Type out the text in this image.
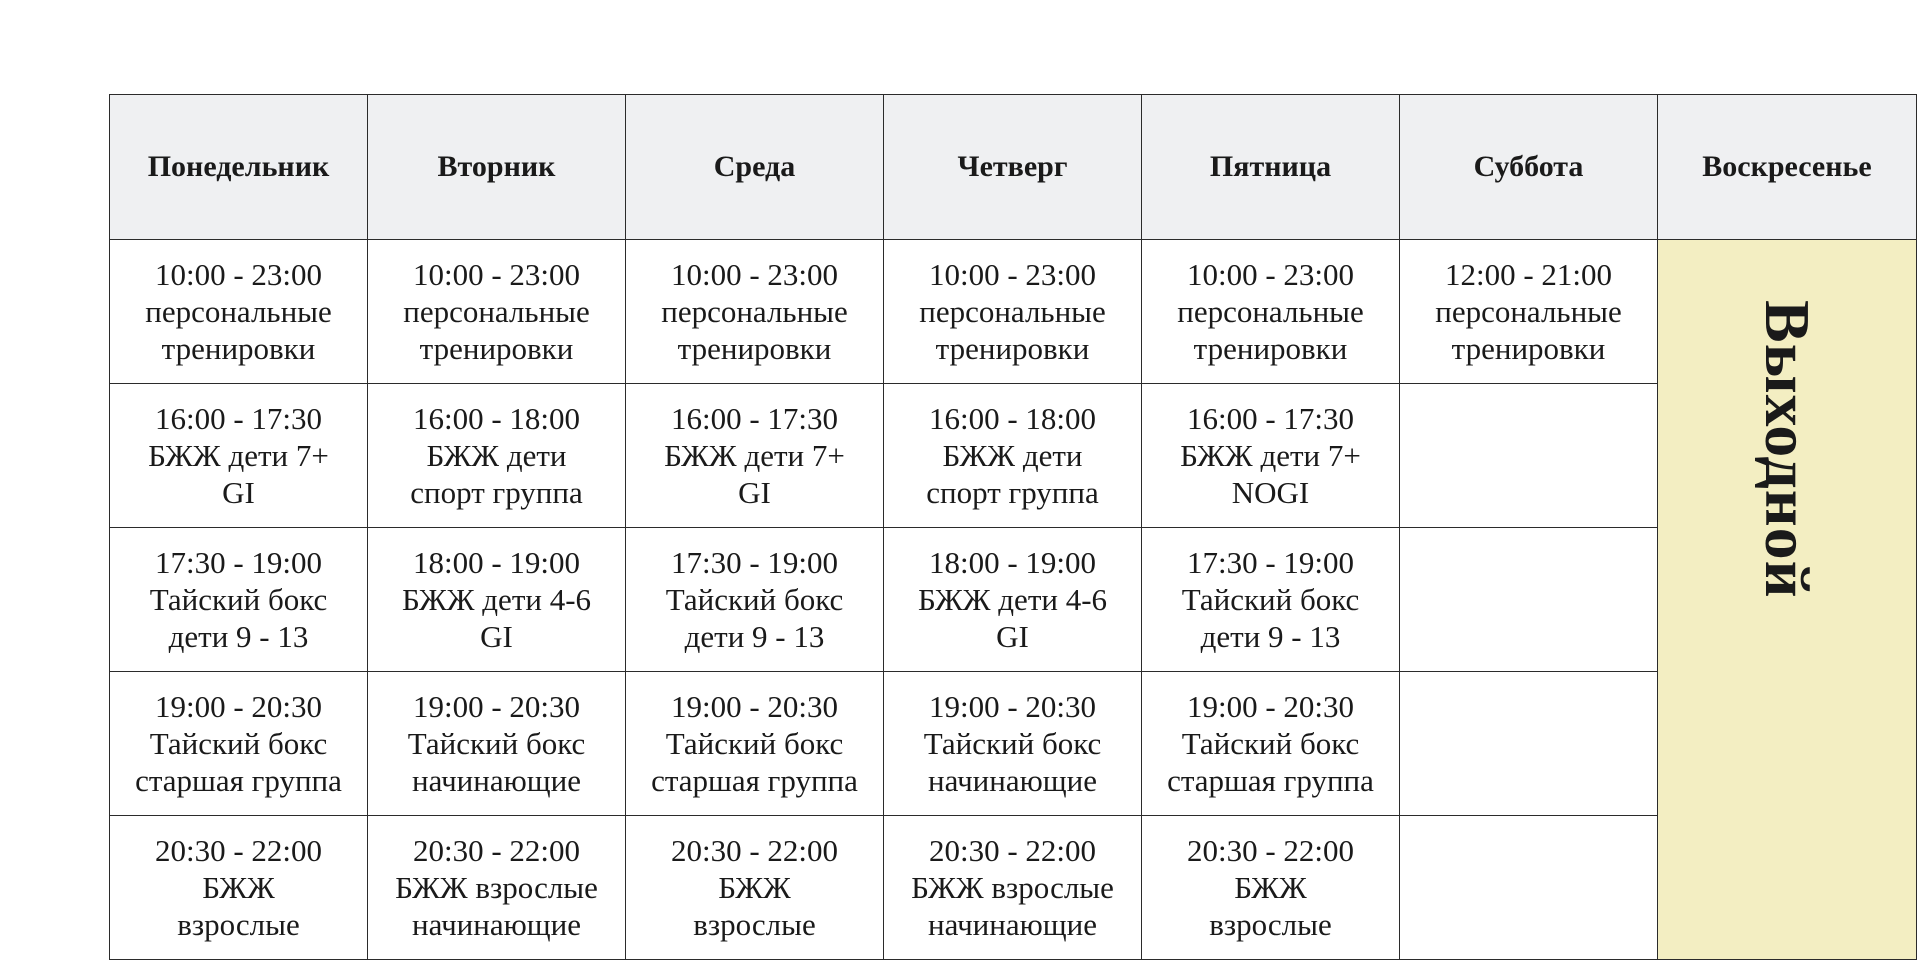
Понедельник	Вторник	Среда	Четверг	Пятница	Суббота	Воскресенье

10:00 - 23:00
персональные
тренировки	10:00 - 23:00
персональные
тренировки	10:00 - 23:00
персональные
тренировки	10:00 - 23:00
персональные
тренировки	10:00 - 23:00
персональные
тренировки	12:00 - 21:00
персональные
тренировки	Выходной

16:00 - 17:30
БЖЖ дети 7+
GI	16:00 - 18:00
БЖЖ дети
спорт группа	16:00 - 17:30
БЖЖ дети 7+
GI	16:00 - 18:00
БЖЖ дети
спорт группа	16:00 - 17:30
БЖЖ дети 7+
NOGI		

17:30 - 19:00
Тайский бокс
дети 9 - 13	18:00 - 19:00
БЖЖ дети 4-6
GI	17:30 - 19:00
Тайский бокс
дети 9 - 13	18:00 - 19:00
БЖЖ дети 4-6
GI	17:30 - 19:00
Тайский бокс
дети 9 - 13		

19:00 - 20:30
Тайский бокс
старшая группа	19:00 - 20:30
Тайский бокс
начинающие	19:00 - 20:30
Тайский бокс
старшая группа	19:00 - 20:30
Тайский бокс
начинающие	19:00 - 20:30
Тайский бокс
старшая группа		

20:30 - 22:00
БЖЖ
взрослые	20:30 - 22:00
БЖЖ взрослые
начинающие	20:30 - 22:00
БЖЖ
взрослые	20:30 - 22:00
БЖЖ взрослые
начинающие	20:30 - 22:00
БЖЖ
взрослые		
